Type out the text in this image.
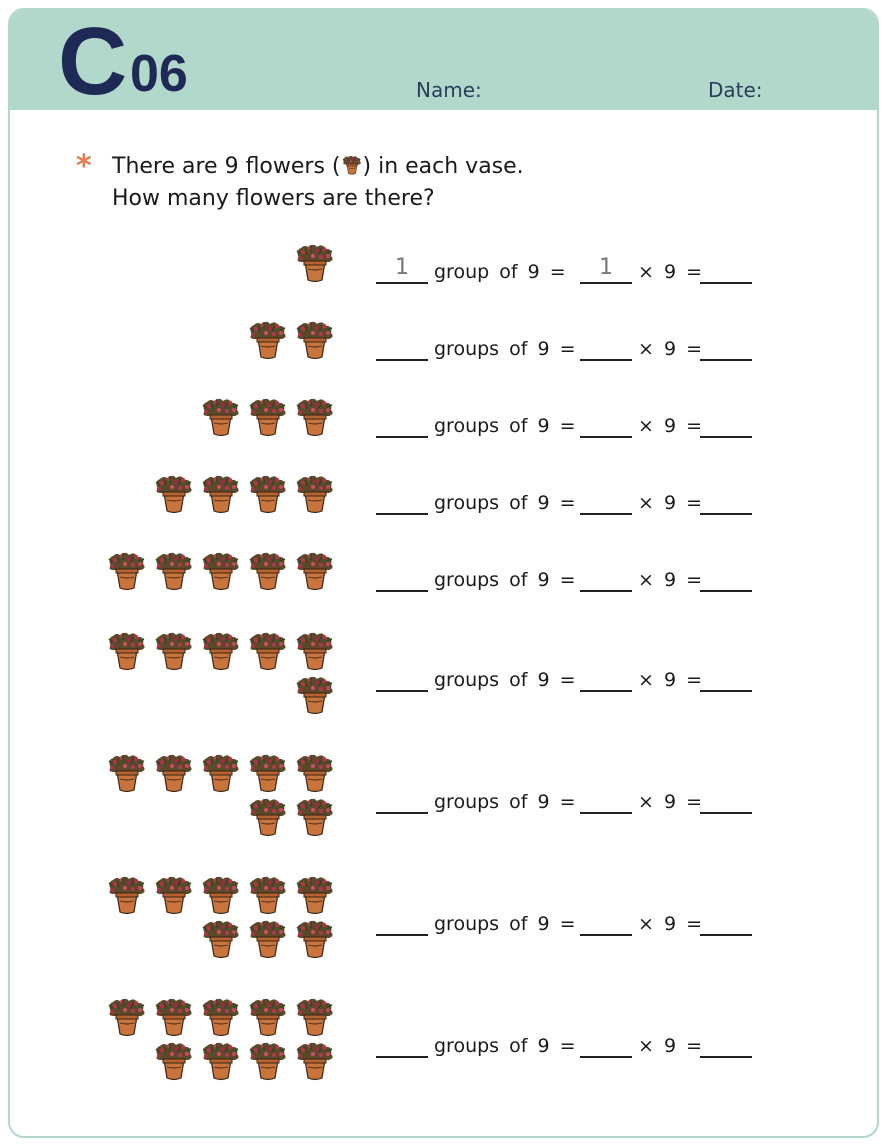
C 06	Name:	Date:
* There are 9 flowers ( ) in each vase.
How many flowers are there?
1	group of 9 =	1	× 9 =
groups of 9 =	× 9 =
groups of 9 =	× 9 =
groups of 9 =	× 9 =
groups of 9 =	× 9 =
groups of 9 =	× 9 =
groups of 9 =	× 9 =
groups of 9 =	× 9 =
groups of 9 =	× 9 =
